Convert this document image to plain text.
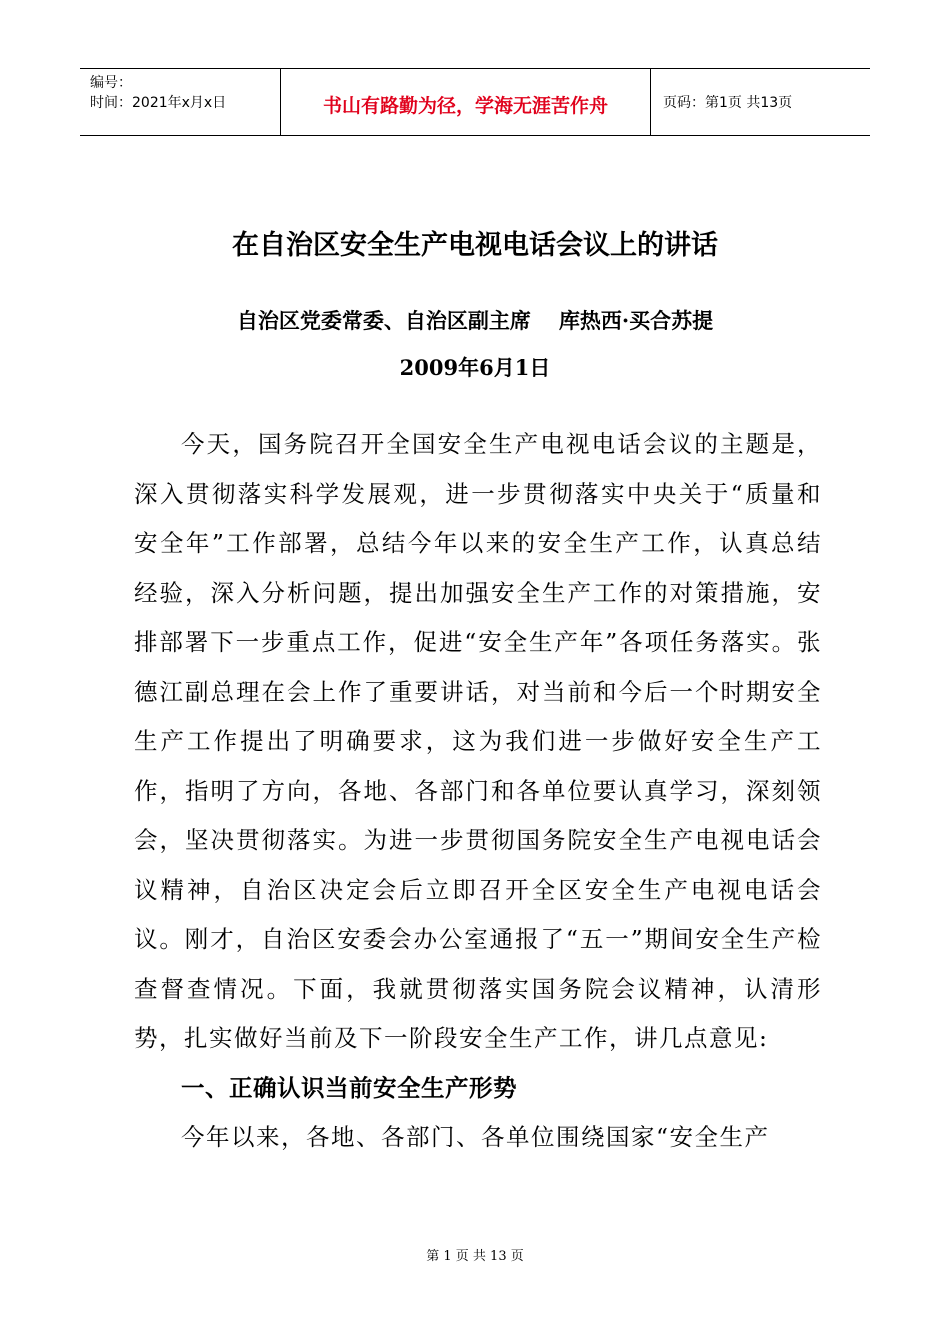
编号：
时间：2021年x月x日	书山有路勤为径，学海无涯苦作舟	页码：第1页 共13页
在自治区安全生产电视电话会议上的讲话
自治区党委常委、自治区副主席 库热西·买合苏提
2009年6月1日

今天，国务院召开全国安全生产电视电话会议的主题是，深入贯彻落实科学发展观，进一步贯彻落实中央关于“质量和安全年”工作部署，总结今年以来的安全生产工作，认真总结经验，深入分析问题，提出加强安全生产工作的对策措施，安排部署下一步重点工作，促进“安全生产年”各项任务落实。张德江副总理在会上作了重要讲话，对当前和今后一个时期安全生产工作提出了明确要求，这为我们进一步做好安全生产工作，指明了方向，各地、各部门和各单位要认真学习，深刻领会，坚决贯彻落实。为进一步贯彻国务院安全生产电视电话会议精神，自治区决定会后立即召开全区安全生产电视电话会议。刚才，自治区安委会办公室通报了“五一”期间安全生产检查督查情况。下面，我就贯彻落实国务院会议精神，认清形势，扎实做好当前及下一阶段安全生产工作，讲几点意见:

一、正确认识当前安全生产形势

今年以来，各地、各部门、各单位围绕国家“安全生产

第 1 页 共 13 页
